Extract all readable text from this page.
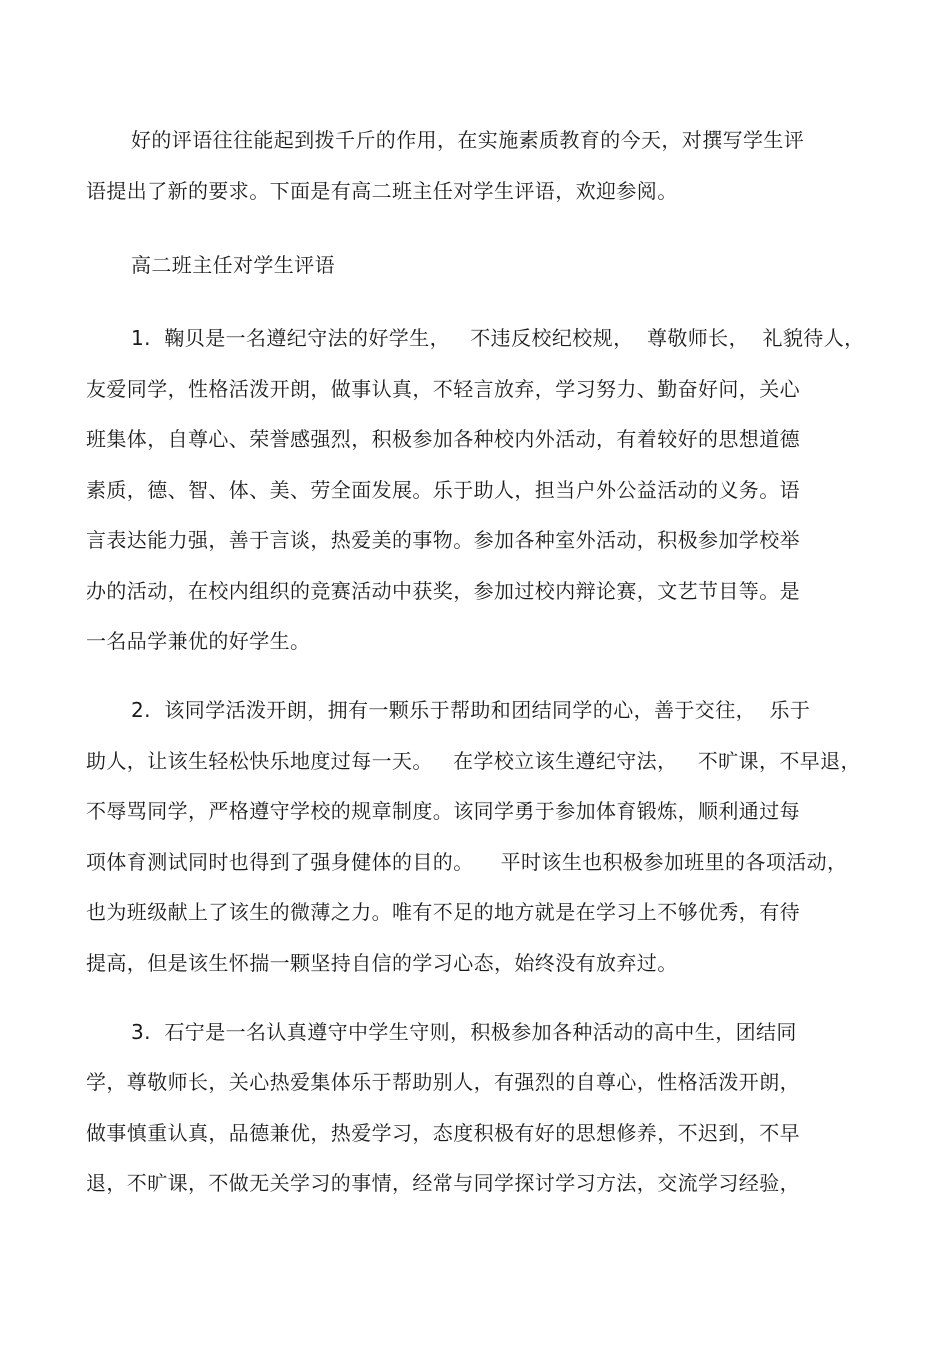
好的评语往往能起到拨千斤的作用，在实施素质教育的今天，对撰写学生评
语提出了新的要求。下面是有高二班主任对学生评语，欢迎参阅。
高二班主任对学生评语
1.  鞠贝是一名遵纪守法的好学生，   不违反校纪校规，  尊敬师长，  礼貌待人，
友爱同学，性格活泼开朗，做事认真，不轻言放弃，学习努力、勤奋好问，关心
班集体，自尊心、荣誉感强烈，积极参加各种校内外活动，有着较好的思想道德
素质，德、智、体、美、劳全面发展。乐于助人，担当户外公益活动的义务。语
言表达能力强，善于言谈，热爱美的事物。参加各种室外活动，积极参加学校举
办的活动，在校内组织的竞赛活动中获奖，参加过校内辩论赛，文艺节目等。是
一名品学兼优的好学生。
2.  该同学活泼开朗，拥有一颗乐于帮助和团结同学的心，善于交往，  乐于
助人，让该生轻松快乐地度过每一天。   在学校立该生遵纪守法，   不旷课，不早退，
不辱骂同学，严格遵守学校的规章制度。该同学勇于参加体育锻炼，顺利通过每
项体育测试同时也得到了强身健体的目的。    平时该生也积极参加班里的各项活动，
也为班级献上了该生的微薄之力。唯有不足的地方就是在学习上不够优秀，有待
提高，但是该生怀揣一颗坚持自信的学习心态，始终没有放弃过。
3.  石宁是一名认真遵守中学生守则，积极参加各种活动的高中生，团结同
学，尊敬师长，关心热爱集体乐于帮助别人，有强烈的自尊心，性格活泼开朗，
做事慎重认真，品德兼优，热爱学习，态度积极有好的思想修养，不迟到，不早
退，不旷课，不做无关学习的事情，经常与同学探讨学习方法，交流学习经验，
